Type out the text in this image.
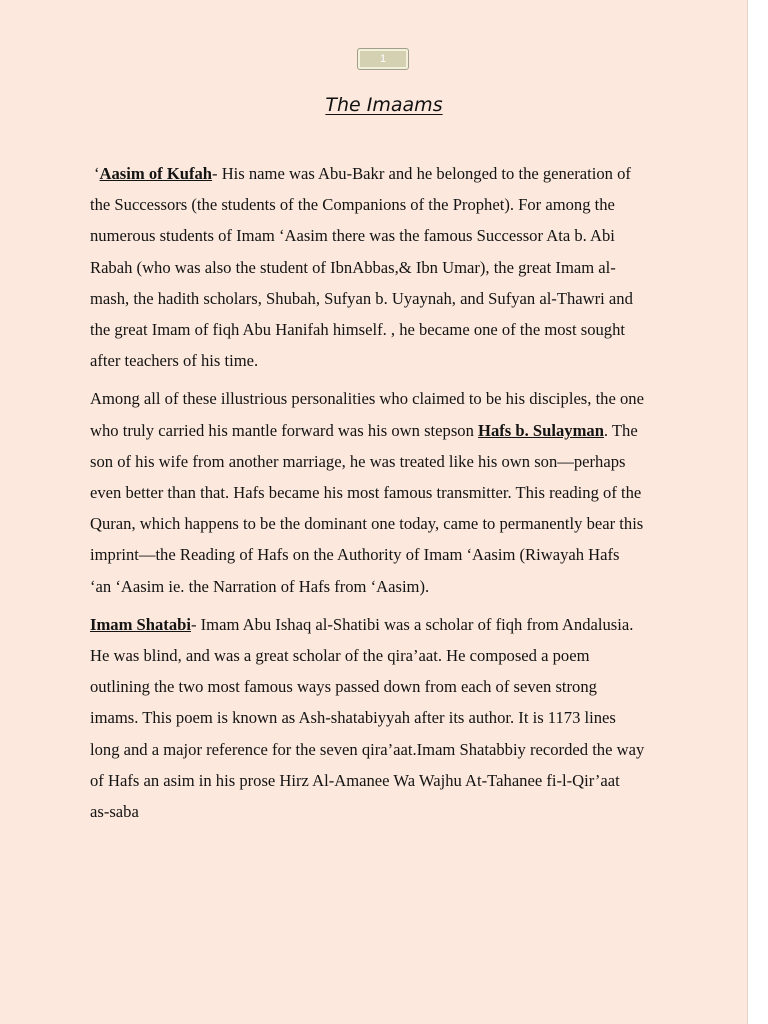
1
The Imaams
‘Aasim of Kufah- His name was Abu-Bakr and he belonged to the generation of
the Successors (the students of the Companions of the Prophet). For among the
numerous students of Imam ‘Aasim there was the famous Successor Ata b. Abi
Rabah (who was also the student of IbnAbbas,& Ibn Umar), the great Imam al-
mash, the hadith scholars, Shubah, Sufyan b. Uyaynah, and Sufyan al-Thawri and
the great Imam of fiqh Abu Hanifah himself. , he became one of the most sought
after teachers of his time.
Among all of these illustrious personalities who claimed to be his disciples, the one
who truly carried his mantle forward was his own stepson Hafs b. Sulayman. The
son of his wife from another marriage, he was treated like his own son—perhaps
even better than that. Hafs became his most famous transmitter. This reading of the
Quran, which happens to be the dominant one today, came to permanently bear this
imprint—the Reading of Hafs on the Authority of Imam ‘Aasim (Riwayah Hafs
‘an ‘Aasim ie. the Narration of Hafs from ‘Aasim).
Imam Shatabi- Imam Abu Ishaq al-Shatibi was a scholar of fiqh from Andalusia.
He was blind, and was a great scholar of the qira’aat. He composed a poem
outlining the two most famous ways passed down from each of seven strong
imams. This poem is known as Ash-shatabiyyah after its author. It is 1173 lines
long and a major reference for the seven qira’aat.Imam Shatabbiy recorded the way
of Hafs an asim in his prose Hirz Al-Amanee Wa Wajhu At-Tahanee fi-l-Qir’aat
as-saba
